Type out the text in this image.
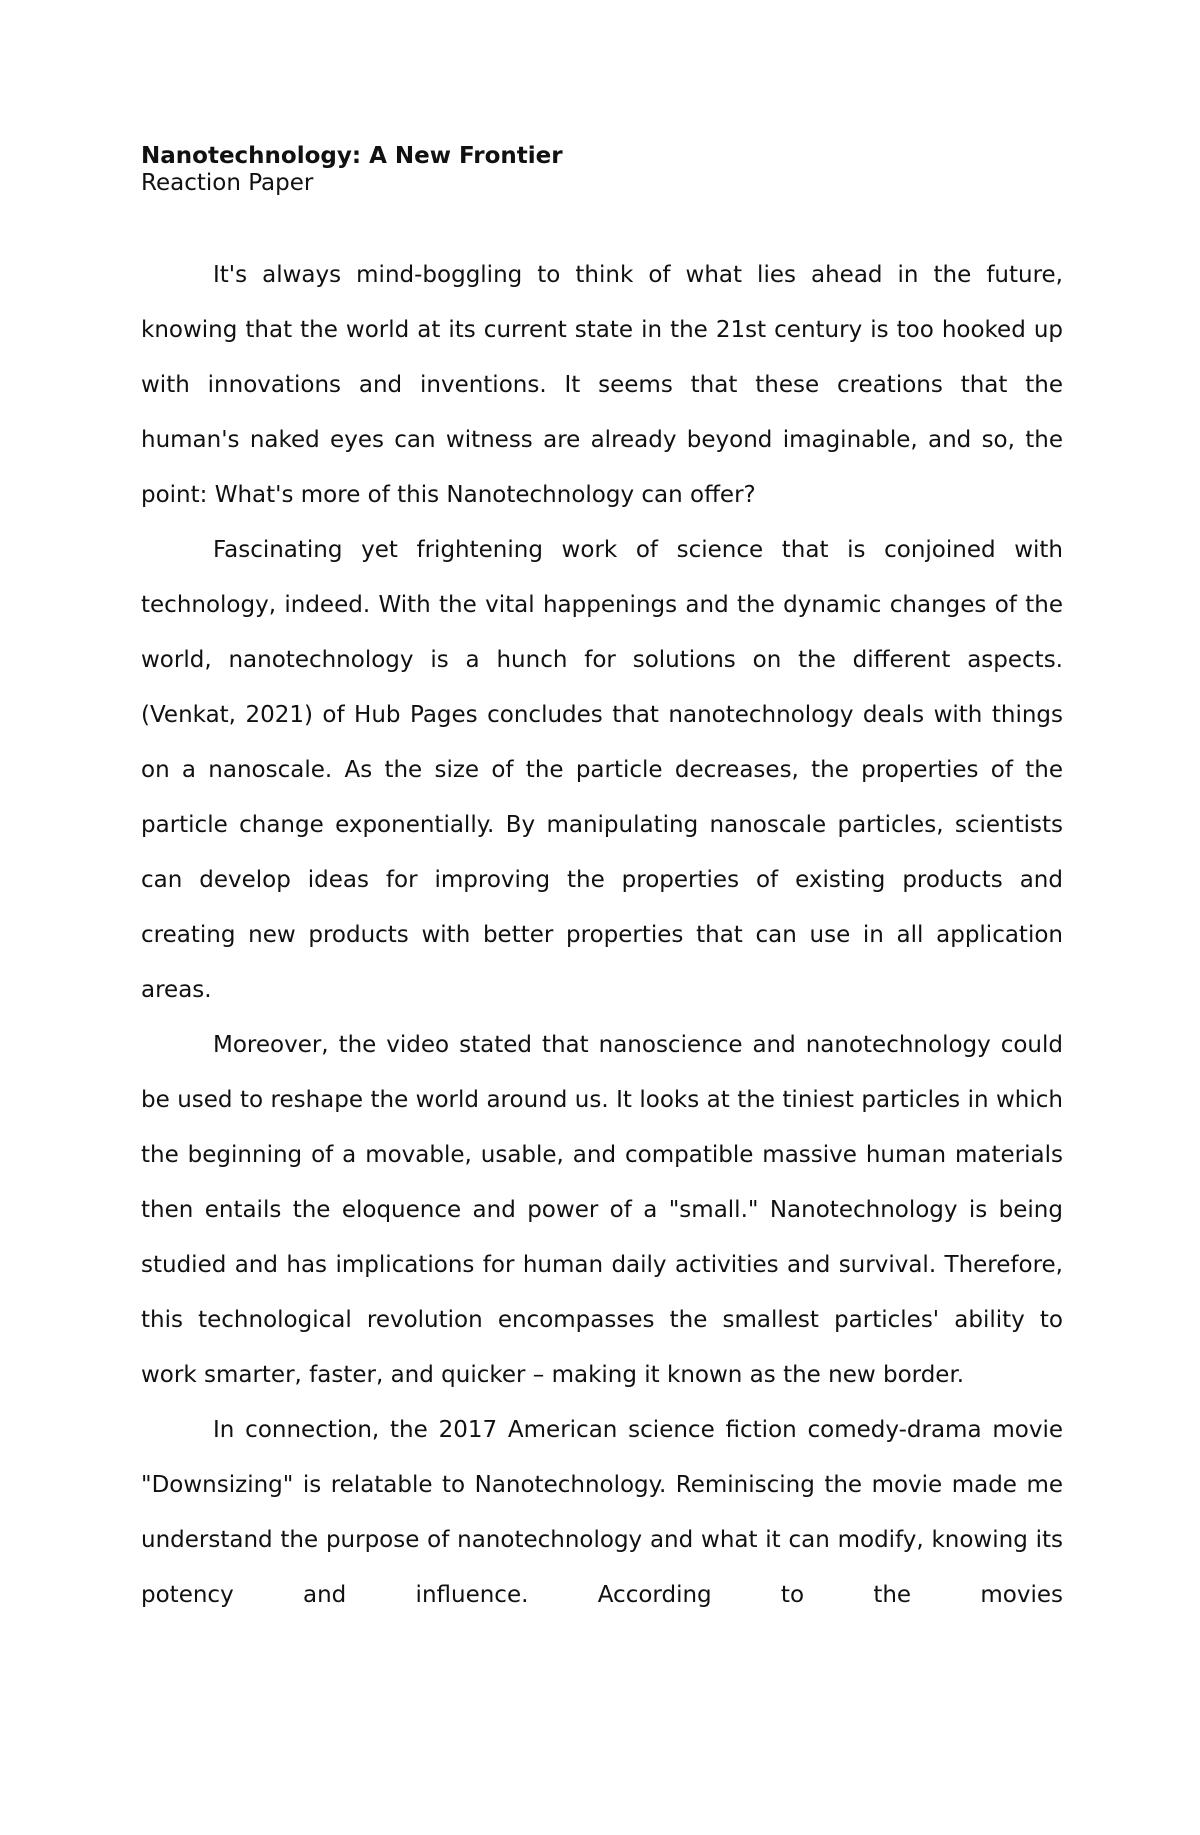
Nanotechnology: A New Frontier

Reaction Paper

It's always mind-boggling to think of what lies ahead in the future, knowing that the world at its current state in the 21st century is too hooked up with innovations and inventions. It seems that these creations that the human's naked eyes can witness are already beyond imaginable, and so, the point: What's more of this Nanotechnology can offer?

Fascinating yet frightening work of science that is conjoined with technology, indeed. With the vital happenings and the dynamic changes of the world, nanotechnology is a hunch for solutions on the different aspects. (Venkat, 2021) of Hub Pages concludes that nanotechnology deals with things on a nanoscale. As the size of the particle decreases, the properties of the particle change exponentially. By manipulating nanoscale particles, scientists can develop ideas for improving the properties of existing products and creating new products with better properties that can use in all application areas.

Moreover, the video stated that nanoscience and nanotechnology could be used to reshape the world around us. It looks at the tiniest particles in which the beginning of a movable, usable, and compatible massive human materials then entails the eloquence and power of a "small." Nanotechnology is being studied and has implications for human daily activities and survival. Therefore, this technological revolution encompasses the smallest particles' ability to work smarter, faster, and quicker – making it known as the new border.

In connection, the 2017 American science fiction comedy-drama movie "Downsizing" is relatable to Nanotechnology. Reminiscing the movie made me understand the purpose of nanotechnology and what it can modify, knowing its potency and influence. According to the movies
